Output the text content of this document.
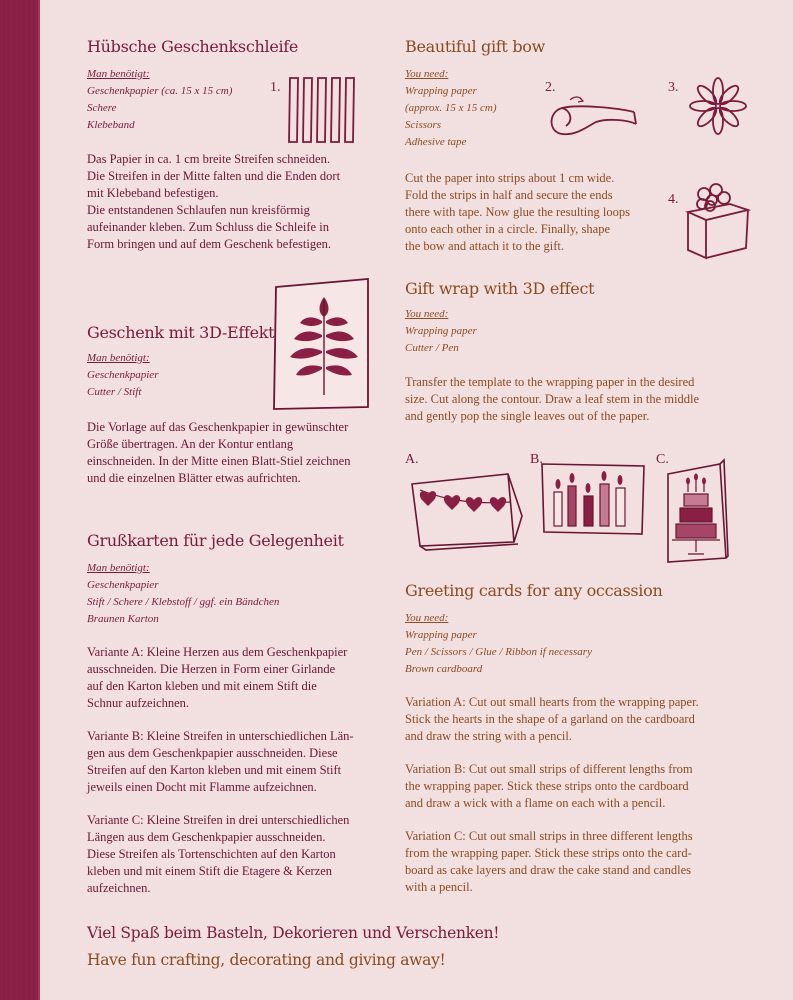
Hübsche Geschenkschleife
Man benötigt:
Geschenkpapier (ca. 15 x 15 cm)
Schere
Klebeband

Das Papier in ca. 1 cm breite Streifen schneiden.
Die Streifen in der Mitte falten und die Enden dort
mit Klebeband befestigen.
Die entstandenen Schlaufen nun kreisförmig
aufeinander kleben. Zum Schluss die Schleife in
Form bringen und auf dem Geschenk befestigen.

1.
Beautiful gift bow
You need:
Wrapping paper
(approx. 15 x 15 cm)
Scissors
Adhesive tape

Cut the paper into strips about 1 cm wide.
Fold the strips in half and secure the ends
there with tape. Now glue the resulting loops
onto each other in a circle. Finally, shape
the bow and attach it to the gift.

2.	3.
4.
Geschenk mit 3D-Effekt
Man benötigt:
Geschenkpapier
Cutter / Stift

Die Vorlage auf das Geschenkpapier in gewünschter
Größe übertragen. An der Kontur entlang
einschneiden. In der Mitte einen Blatt-Stiel zeichnen
und die einzelnen Blätter etwas aufrichten.

Gift wrap with 3D effect
You need:
Wrapping paper
Cutter / Pen

Transfer the template to the wrapping paper in the desired
size. Cut along the contour. Draw a leaf stem in the middle
and gently pop the single leaves out of the paper.

A.	B.	C.
Grußkarten für jede Gelegenheit
Man benötigt:
Geschenkpapier
Stift / Schere / Klebstoff / ggf. ein Bändchen
Braunen Karton

Variante A: Kleine Herzen aus dem Geschenkpapier
ausschneiden. Die Herzen in Form einer Girlande
auf den Karton kleben und mit einem Stift die
Schnur aufzeichnen.

Variante B: Kleine Streifen in unterschiedlichen Län-
gen aus dem Geschenkpapier ausschneiden. Diese
Streifen auf den Karton kleben und mit einem Stift
jeweils einen Docht mit Flamme aufzeichnen.

Variante C: Kleine Streifen in drei unterschiedlichen
Längen aus dem Geschenkpapier ausschneiden.
Diese Streifen als Tortenschichten auf den Karton
kleben und mit einem Stift die Etagere & Kerzen
aufzeichnen.

Greeting cards for any occassion
You need:
Wrapping paper
Pen / Scissors / Glue / Ribbon if necessary
Brown cardboard

Variation A: Cut out small hearts from the wrapping paper.
Stick the hearts in the shape of a garland on the cardboard
and draw the string with a pencil.

Variation B: Cut out small strips of different lengths from
the wrapping paper. Stick these strips onto the cardboard
and draw a wick with a flame on each with a pencil.

Variation C: Cut out small strips in three different lengths
from the wrapping paper. Stick these strips onto the card-
board as cake layers and draw the cake stand and candles
with a pencil.

Viel Spaß beim Basteln, Dekorieren und Verschenken!
Have fun crafting, decorating and giving away!
